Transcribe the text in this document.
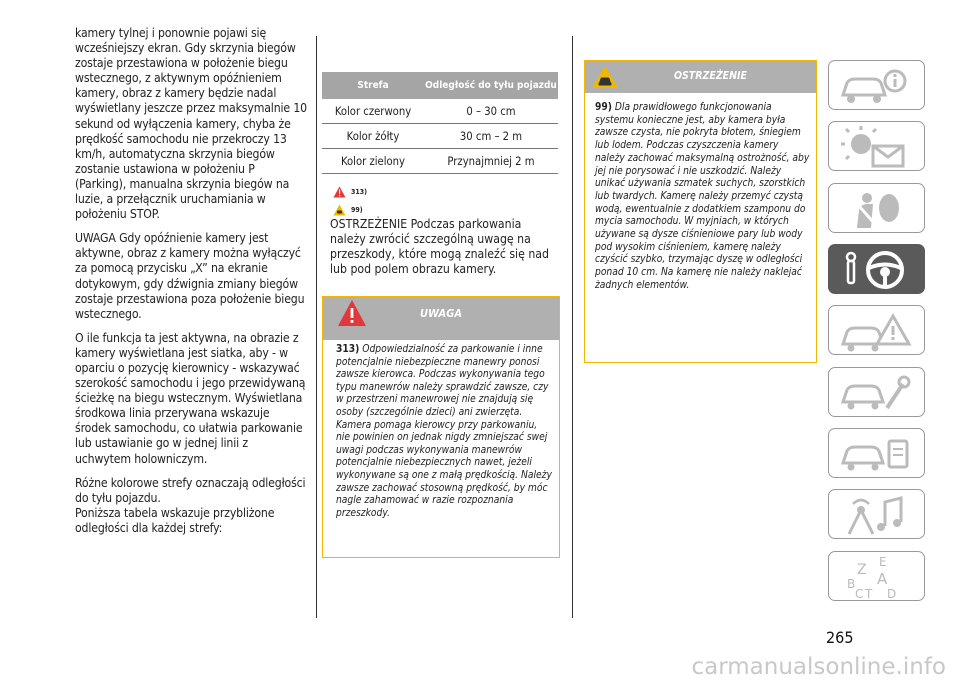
kamery tylnej i ponownie pojawi się wcześniejszy ekran. Gdy skrzynia biegów zostaje przestawiona w położenie biegu wstecznego, z aktywnym opóźnieniem kamery, obraz z kamery będzie nadal wyświetlany jeszcze przez maksymalnie 10 sekund od wyłączenia kamery, chyba że prędkość samochodu nie przekroczy 13 km/h, automatyczna skrzynia biegów zostanie ustawiona w położeniu P (Parking), manualna skrzynia biegów na luzie, a przełącznik uruchamiania w położeniu STOP.

UWAGA Gdy opóźnienie kamery jest aktywne, obraz z kamery można wyłączyć za pomocą przycisku „X” na ekranie dotykowym, gdy dźwignia zmiany biegów zostaje przestawiona poza położenie biegu wstecznego.

O ile funkcja ta jest aktywna, na obrazie z kamery wyświetlana jest siatka, aby - w oparciu o pozycję kierownicy - wskazywać szerokość samochodu i jego przewidywaną ścieżkę na biegu wstecznym. Wyświetlana środkowa linia przerywana wskazuje środek samochodu, co ułatwia parkowanie lub ustawianie go w jednej linii z uchwytem holowniczym.

Różne kolorowe strefy oznaczają odległości do tyłu pojazdu.

Poniższa tabela wskazuje przybliżone odległości dla każdej strefy:

Strefa	Odległość do tyłu pojazdu
Kolor czerwony	0 – 30 cm
Kolor żółty	30 cm – 2 m
Kolor zielony	Przynajmniej 2 m
313)
99)
OSTRZEŻENIE Podczas parkowania należy zwrócić szczególną uwagę na przeszkody, które mogą znaleźć się nad lub pod polem obrazu kamery.
UWAGA
313) Odpowiedzialność za parkowanie i inne potencjalnie niebezpieczne manewry ponosi zawsze kierowca. Podczas wykonywania tego typu manewrów należy sprawdzić zawsze, czy w przestrzeni manewrowej nie znajdują się osoby (szczególnie dzieci) ani zwierzęta. Kamera pomaga kierowcy przy parkowaniu, nie powinien on jednak nigdy zmniejszać swej uwagi podczas wykonywania manewrów potencjalnie niebezpiecznych nawet, jeżeli wykonywane są one z małą prędkością. Należy zawsze zachować stosowną prędkość, by móc nagle zahamować w razie rozpoznania przeszkody.
OSTRZEŻENIE
99) Dla prawidłowego funkcjonowania systemu konieczne jest, aby kamera była zawsze czysta, nie pokryta błotem, śniegiem lub lodem. Podczas czyszczenia kamery należy zachować maksymalną ostrożność, aby jej nie porysować i nie uszkodzić. Należy unikać używania szmatek suchych, szorstkich lub twardych. Kamerę należy przemyć czystą wodą, ewentualnie z dodatkiem szamponu do mycia samochodu. W myjniach, w których używane są dysze ciśnieniowe pary lub wody pod wysokim ciśnieniem, kamerę należy czyścić szybko, trzymając dyszę w odległości ponad 10 cm. Na kamerę nie należy naklejać żadnych elementów.
Z E
B A
C D
T
265
carmanualsonline.info
